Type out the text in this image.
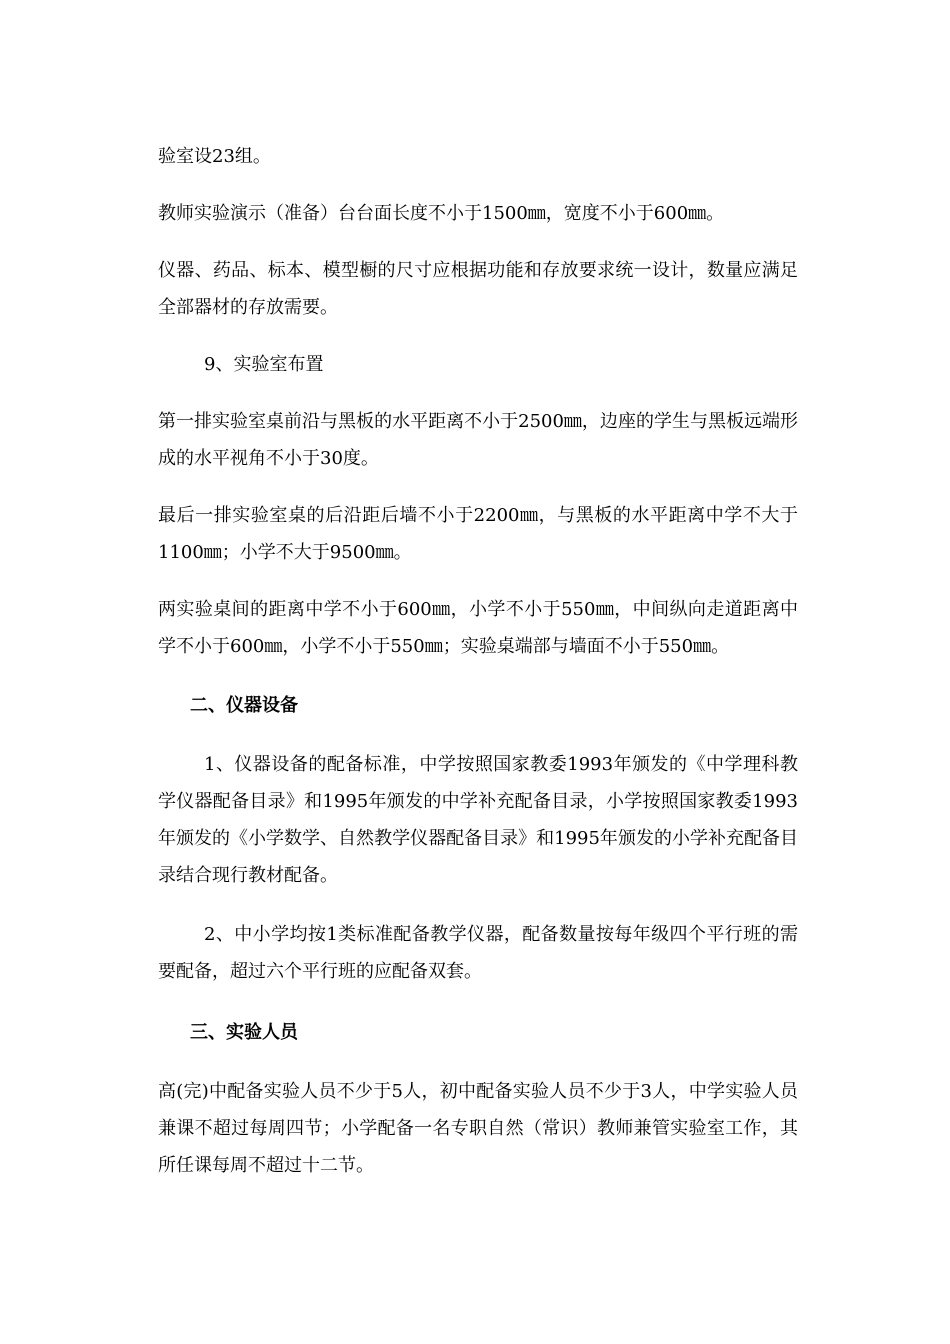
验室设23组。

教师实验演示（准备）台台面长度不小于1500㎜，宽度不小于600㎜。

仪器、药品、标本、模型橱的尺寸应根据功能和存放要求统一设计，数量应满足全部器材的存放需要。

9、实验室布置

第一排实验室桌前沿与黑板的水平距离不小于2500㎜，边座的学生与黑板远端形成的水平视角不小于30度。

最后一排实验室桌的后沿距后墙不小于2200㎜，与黑板的水平距离中学不大于1100㎜；小学不大于9500㎜。

两实验桌间的距离中学不小于600㎜，小学不小于550㎜，中间纵向走道距离中学不小于600㎜，小学不小于550㎜；实验桌端部与墙面不小于550㎜。

二、仪器设备

1、仪器设备的配备标准，中学按照国家教委1993年颁发的《中学理科教学仪器配备目录》和1995年颁发的中学补充配备目录，小学按照国家教委1993年颁发的《小学数学、自然教学仪器配备目录》和1995年颁发的小学补充配备目录结合现行教材配备。

2、中小学均按1类标准配备教学仪器，配备数量按每年级四个平行班的需要配备，超过六个平行班的应配备双套。

三、实验人员

高(完)中配备实验人员不少于5人，初中配备实验人员不少于3人，中学实验人员兼课不超过每周四节；小学配备一名专职自然（常识）教师兼管实验室工作，其所任课每周不超过十二节。
